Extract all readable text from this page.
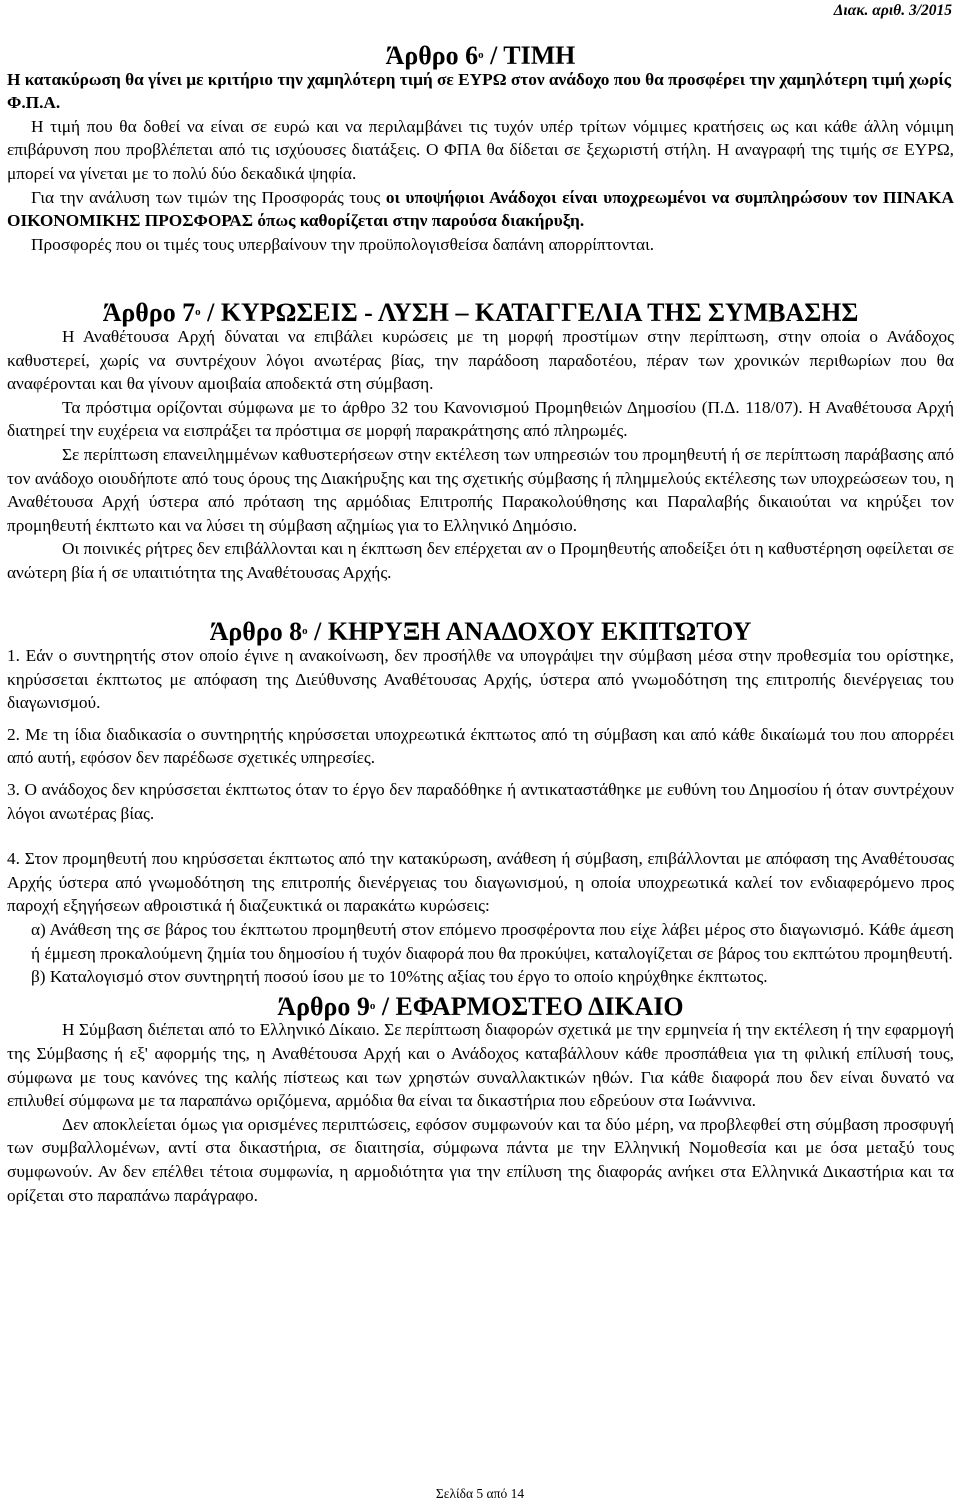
Διακ. αριθ. 3/2015
Άρθρο $6^o$ / ΤΙΜΗ

Η κατακύρωση θα γίνει με κριτήριο την χαμηλότερη τιμή σε ΕΥΡΩ στον ανάδοχο που θα προσφέρει την χαμηλότερη τιμή χωρίς Φ.Π.Α.

Η τιμή που θα δοθεί να είναι σε ευρώ και να περιλαμβάνει τις τυχόν υπέρ τρίτων νόμιμες κρατήσεις ως και κάθε άλλη νόμιμη επιβάρυνση που προβλέπεται από τις ισχύουσες διατάξεις. Ο ΦΠΑ θα δίδεται σε ξεχωριστή στήλη. Η αναγραφή της τιμής σε ΕΥΡΩ, μπορεί να γίνεται με το πολύ δύο δεκαδικά ψηφία.

Για την ανάλυση των τιμών της Προσφοράς τους οι υποψήφιοι Ανάδοχοι είναι υποχρεωμένοι να συμπληρώσουν τον ΠΙΝΑΚΑ ΟΙΚΟΝΟΜΙΚΗΣ ΠΡΟΣΦΟΡΑΣ όπως καθορίζεται στην παρούσα διακήρυξη.

Προσφορές που οι τιμές τους υπερβαίνουν την προϋπολογισθείσα δαπάνη απορρίπτονται.

Άρθρο $7^o$ / ΚΥΡΩΣΕΙΣ - ΛΥΣΗ – ΚΑΤΑΓΓΕΛΙΑ ΤΗΣ ΣΥΜΒΑΣΗΣ

Η Αναθέτουσα Αρχή δύναται να επιβάλει κυρώσεις με τη μορφή προστίμων στην περίπτωση, στην οποία ο Ανάδοχος καθυστερεί, χωρίς να συντρέχουν λόγοι ανωτέρας βίας, την παράδοση παραδοτέου, πέραν των χρονικών περιθωρίων που θα αναφέρονται και θα γίνουν αμοιβαία αποδεκτά στη σύμβαση.

Τα πρόστιμα ορίζονται σύμφωνα με το άρθρο 32 του Κανονισμού Προμηθειών Δημοσίου (Π.Δ. 118/07). Η Αναθέτουσα Αρχή διατηρεί την ευχέρεια να εισπράξει τα πρόστιμα σε μορφή παρακράτησης από πληρωμές.

Σε περίπτωση επανειλημμένων καθυστερήσεων στην εκτέλεση των υπηρεσιών του προμηθευτή ή σε περίπτωση παράβασης από τον ανάδοχο οιουδήποτε από τους όρους της Διακήρυξης και της σχετικής σύμβασης ή πλημμελούς εκτέλεσης των υποχρεώσεων του, η Αναθέτουσα Αρχή ύστερα από πρόταση της αρμόδιας Επιτροπής Παρακολούθησης και Παραλαβής δικαιούται να κηρύξει τον προμηθευτή έκπτωτο και να λύσει τη σύμβαση αζημίως για το Ελληνικό Δημόσιο.

Οι ποινικές ρήτρες δεν επιβάλλονται και η έκπτωση δεν επέρχεται αν ο Προμηθευτής αποδείξει ότι η καθυστέρηση οφείλεται σε ανώτερη βία ή σε υπαιτιότητα της Αναθέτουσας Αρχής.

Άρθρο $8^o$ / ΚΗΡΥΞΗ ΑΝΑΔΟΧΟΥ ΕΚΠΤΩΤΟΥ

1. Εάν ο συντηρητής στον οποίο έγινε η ανακοίνωση, δεν προσήλθε να υπογράψει την σύμβαση μέσα στην προθεσμία του ορίστηκε, κηρύσσεται έκπτωτος με απόφαση της Διεύθυνσης Αναθέτουσας Αρχής, ύστερα από γνωμοδότηση της επιτροπής διενέργειας του διαγωνισμού.

2. Με τη ίδια διαδικασία ο συντηρητής κηρύσσεται υποχρεωτικά έκπτωτος από τη σύμβαση και από κάθε δικαίωμά του που απορρέει από αυτή, εφόσον δεν παρέδωσε σχετικές υπηρεσίες.

3. Ο ανάδοχος δεν κηρύσσεται έκπτωτος όταν το έργο δεν παραδόθηκε ή αντικαταστάθηκε με ευθύνη του Δημοσίου ή όταν συντρέχουν λόγοι ανωτέρας βίας.

4. Στον προμηθευτή που κηρύσσεται έκπτωτος από την κατακύρωση, ανάθεση ή σύμβαση, επιβάλλονται με απόφαση της Αναθέτουσας Αρχής ύστερα από γνωμοδότηση της επιτροπής διενέργειας του διαγωνισμού, η οποία υποχρεωτικά καλεί τον ενδιαφερόμενο προς παροχή εξηγήσεων αθροιστικά ή διαζευκτικά οι παρακάτω κυρώσεις:

α) Ανάθεση της σε βάρος του έκπτωτου προμηθευτή στον επόμενο προσφέροντα που είχε λάβει μέρος στο διαγωνισμό. Κάθε άμεση ή έμμεση προκαλούμενη ζημία του δημοσίου ή τυχόν διαφορά που θα προκύψει, καταλογίζεται σε βάρος του εκπτώτου προμηθευτή.

β) Καταλογισμό στον συντηρητή ποσού ίσου με το 10%της αξίας του έργο το οποίο κηρύχθηκε έκπτωτος.

Άρθρο $9^o$ / ΕΦΑΡΜΟΣΤΕΟ ΔΙΚΑΙΟ

Η Σύμβαση διέπεται από το Ελληνικό Δίκαιο. Σε περίπτωση διαφορών σχετικά με την ερμηνεία ή την εκτέλεση ή την εφαρμογή της Σύμβασης ή εξ' αφορμής της, η Αναθέτουσα Αρχή και ο Ανάδοχος καταβάλλουν κάθε προσπάθεια για τη φιλική επίλυσή τους, σύμφωνα με τους κανόνες της καλής πίστεως και των χρηστών συναλλακτικών ηθών. Για κάθε διαφορά που δεν είναι δυνατό να επιλυθεί σύμφωνα με τα παραπάνω οριζόμενα, αρμόδια θα είναι τα δικαστήρια που εδρεύουν στα Ιωάννινα.

Δεν αποκλείεται όμως για ορισμένες περιπτώσεις, εφόσον συμφωνούν και τα δύο μέρη, να προβλεφθεί στη σύμβαση προσφυγή των συμβαλλομένων, αντί στα δικαστήρια, σε διαιτησία, σύμφωνα πάντα με την Ελληνική Νομοθεσία και με όσα μεταξύ τους συμφωνούν. Αν δεν επέλθει τέτοια συμφωνία, η αρμοδιότητα για την επίλυση της διαφοράς ανήκει στα Ελληνικά Δικαστήρια και τα ορίζεται στο παραπάνω παράγραφο.

Σελίδα 5 από 14
